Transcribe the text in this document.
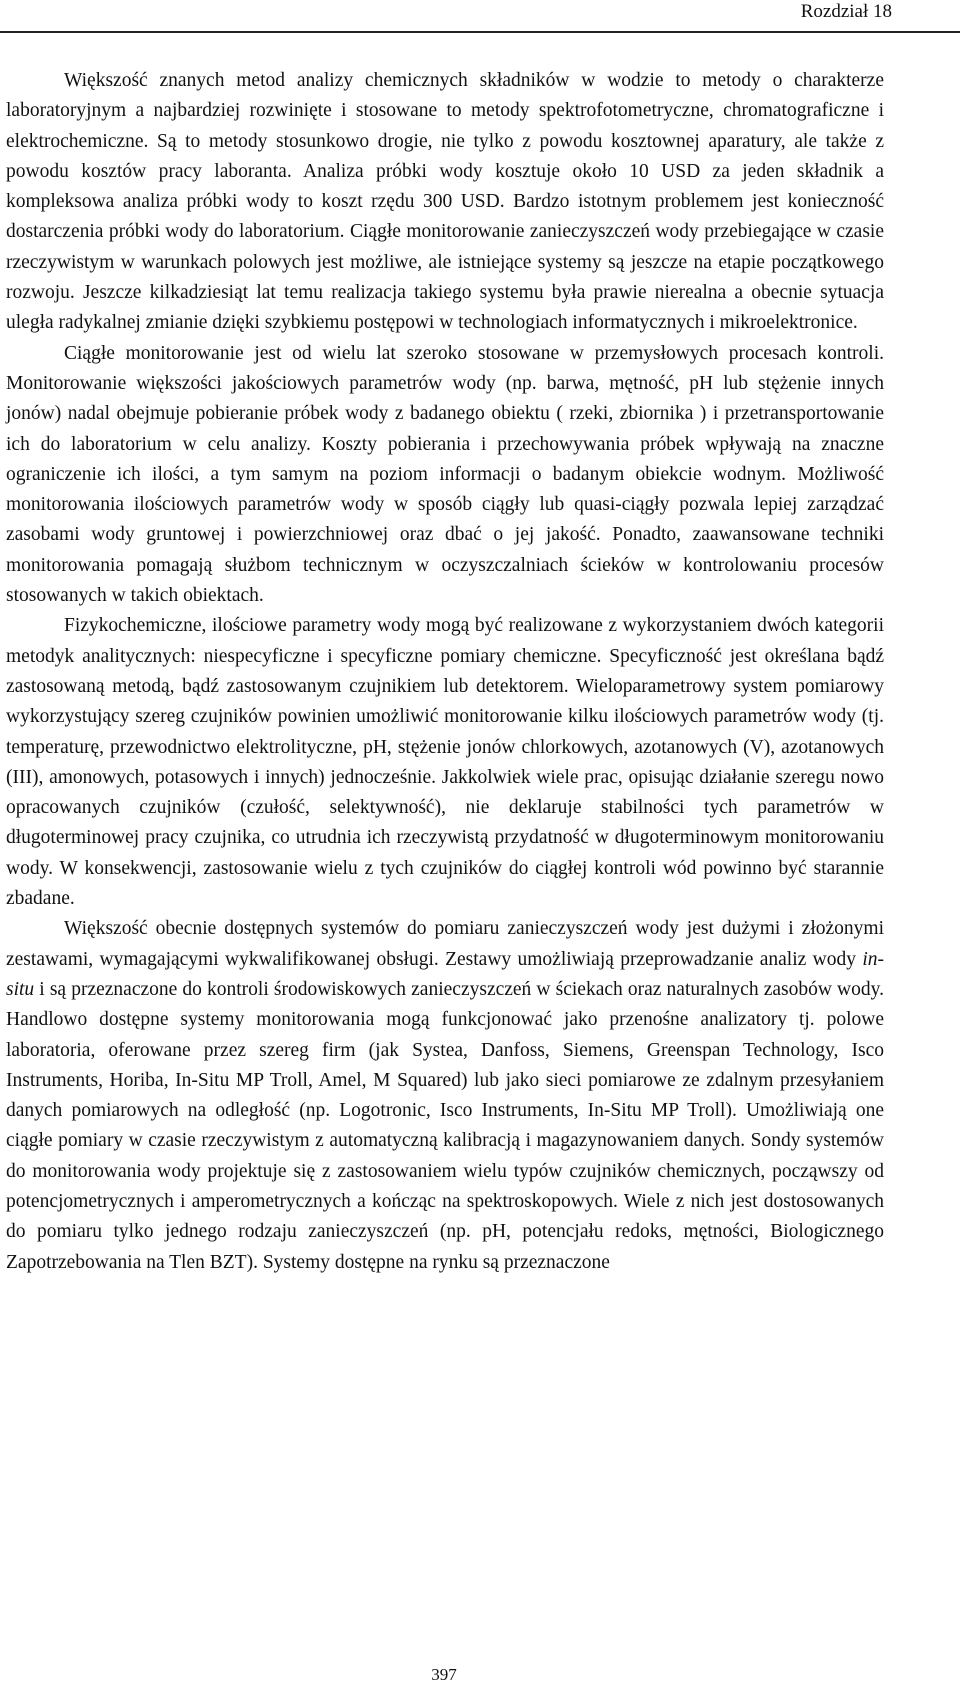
Rozdział 18

Większość znanych metod analizy chemicznych składników w wodzie to metody o charakterze laboratoryjnym a najbardziej rozwinięte i stosowane to metody spektrofotometryczne, chromatograficzne i elektrochemiczne. Są to metody stosunkowo drogie, nie tylko z powodu kosztownej aparatury, ale także z powodu kosztów pracy laboranta. Analiza próbki wody kosztuje około 10 USD za jeden składnik a kompleksowa analiza próbki wody to koszt rzędu 300 USD. Bardzo istotnym problemem jest konieczność dostarczenia próbki wody do laboratorium. Ciągłe monitorowanie zanieczyszczeń wody przebiegające w czasie rzeczywistym w warunkach polowych jest możliwe, ale istniejące systemy są jeszcze na etapie początkowego rozwoju. Jeszcze kilkadziesiąt lat temu realizacja takiego systemu była prawie nierealna a obecnie sytuacja uległa radykalnej zmianie dzięki szybkiemu postępowi w technologiach informatycznych i mikroelektronice.

Ciągłe monitorowanie jest od wielu lat szeroko stosowane w przemysłowych procesach kontroli. Monitorowanie większości jakościowych parametrów wody (np. barwa, mętność, pH lub stężenie innych jonów) nadal obejmuje pobieranie próbek wody z badanego obiektu ( rzeki, zbiornika ) i przetransportowanie ich do laboratorium w celu analizy. Koszty pobierania i przechowywania próbek wpływają na znaczne ograniczenie ich ilości, a tym samym na poziom informacji o badanym obiekcie wodnym. Możliwość monitorowania ilościowych parametrów wody w sposób ciągły lub quasi-ciągły pozwala lepiej zarządzać zasobami wody gruntowej i powierzchniowej oraz dbać o jej jakość. Ponadto, zaawansowane techniki monitorowania pomagają służbom technicznym w oczyszczalniach ścieków w kontrolowaniu procesów stosowanych w takich obiektach.

Fizykochemiczne, ilościowe parametry wody mogą być realizowane z wykorzystaniem dwóch kategorii metodyk analitycznych: niespecyficzne i specyficzne pomiary chemiczne. Specyficzność jest określana bądź zastosowaną metodą, bądź zastosowanym czujnikiem lub detektorem. Wieloparametrowy system pomiarowy wykorzystujący szereg czujników powinien umożliwić monitorowanie kilku ilościowych parametrów wody (tj. temperaturę, przewodnictwo elektrolityczne, pH, stężenie jonów chlorkowych, azotanowych (V), azotanowych (III), amonowych, potasowych i innych) jednocześnie. Jakkolwiek wiele prac, opisując działanie szeregu nowo opracowanych czujników (czułość, selektywność), nie deklaruje stabilności tych parametrów w długoterminowej pracy czujnika, co utrudnia ich rzeczywistą przydatność w długoterminowym monitorowaniu wody. W konsekwencji, zastosowanie wielu z tych czujników do ciągłej kontroli wód powinno być starannie zbadane.

Większość obecnie dostępnych systemów do pomiaru zanieczyszczeń wody jest dużymi i złożonymi zestawami, wymagającymi wykwalifikowanej obsługi. Zestawy umożliwiają przeprowadzanie analiz wody in-situ i są przeznaczone do kontroli środowiskowych zanieczyszczeń w ściekach oraz naturalnych zasobów wody. Handlowo dostępne systemy monitorowania mogą funkcjonować jako przenośne analizatory tj. polowe laboratoria, oferowane przez szereg firm (jak Systea, Danfoss, Siemens, Greenspan Technology, Isco Instruments, Horiba, In-Situ MP Troll, Amel, M Squared) lub jako sieci pomiarowe ze zdalnym przesyłaniem danych pomiarowych na odległość (np. Logotronic, Isco Instruments, In-Situ MP Troll). Umożliwiają one ciągłe pomiary w czasie rzeczywistym z automatyczną kalibracją i magazynowaniem danych. Sondy systemów do monitorowania wody projektuje się z zastosowaniem wielu typów czujników chemicznych, począwszy od potencjometrycznych i amperometrycznych a kończąc na spektroskopowych. Wiele z nich jest dostosowanych do pomiaru tylko jednego rodzaju zanieczyszczeń (np. pH, potencjału redoks, mętności, Biologicznego Zapotrzebowania na Tlen BZT). Systemy dostępne na rynku są przeznaczone

397
